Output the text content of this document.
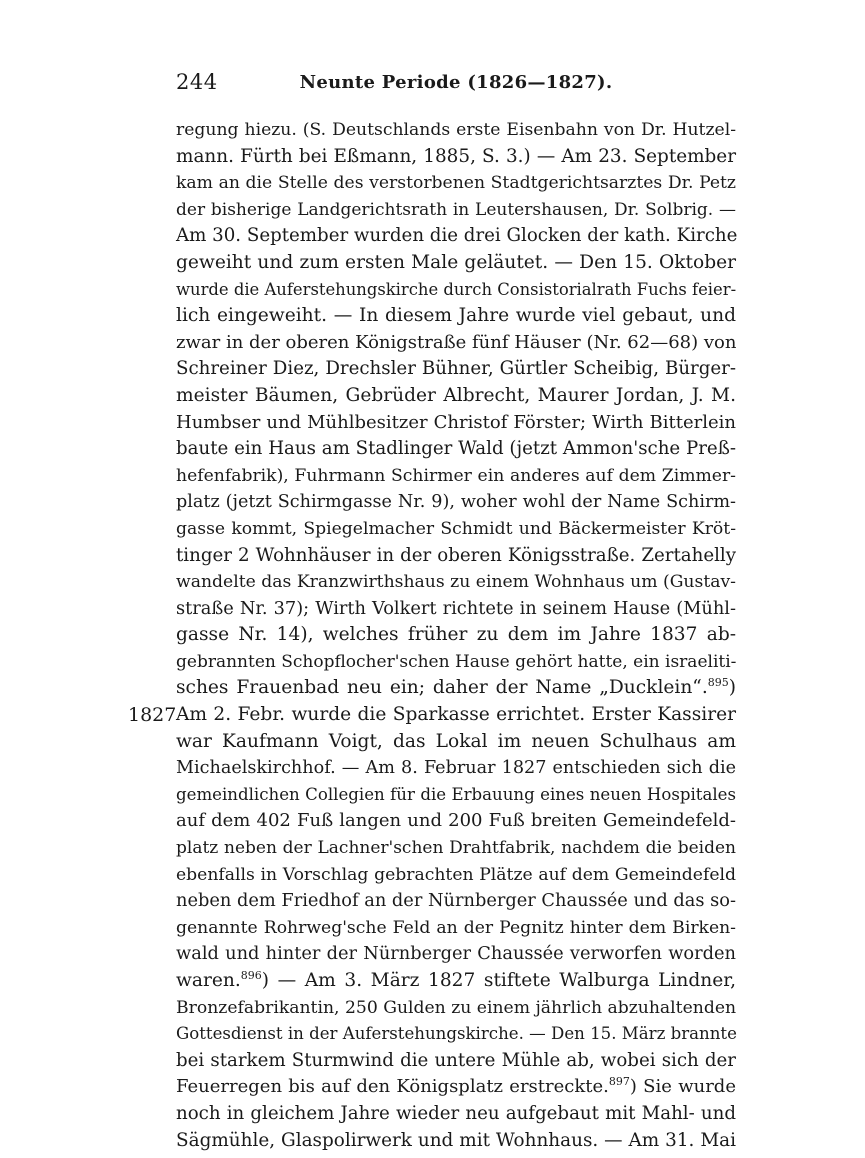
244	Neunte Periode (1826—1827).
regung hiezu. (S. Deutschlands erste Eisenbahn von Dr. Hutzel-
mann. Fürth bei Eßmann, 1885, S. 3.) — Am 23. September
kam an die Stelle des verstorbenen Stadtgerichtsarztes Dr. Petz
der bisherige Landgerichtsrath in Leutershausen, Dr. Solbrig. —
Am 30. September wurden die drei Glocken der kath. Kirche
geweiht und zum ersten Male geläutet. — Den 15. Oktober
wurde die Auferstehungskirche durch Consistorialrath Fuchs feier-
lich eingeweiht. — In diesem Jahre wurde viel gebaut, und
zwar in der oberen Königstraße fünf Häuser (Nr. 62—68) von
Schreiner Diez, Drechsler Bühner, Gürtler Scheibig, Bürger-
meister Bäumen, Gebrüder Albrecht, Maurer Jordan, J. M.
Humbser und Mühlbesitzer Christof Förster; Wirth Bitterlein
baute ein Haus am Stadlinger Wald (jetzt Ammon'sche Preß-
hefenfabrik), Fuhrmann Schirmer ein anderes auf dem Zimmer-
platz (jetzt Schirmgasse Nr. 9), woher wohl der Name Schirm-
gasse kommt, Spiegelmacher Schmidt und Bäckermeister Kröt-
tinger 2 Wohnhäuser in der oberen Königsstraße. Zertahelly
wandelte das Kranzwirthshaus zu einem Wohnhaus um (Gustav-
straße Nr. 37); Wirth Volkert richtete in seinem Hause (Mühl-
gasse Nr. 14), welches früher zu dem im Jahre 1837 ab-
gebrannten Schopflocher'schen Hause gehört hatte, ein israeliti-
sches Frauenbad neu ein; daher der Name „Ducklein“.$^{895}$)
1827 Am 2. Febr. wurde die Sparkasse errichtet. Erster Kassirer
war Kaufmann Voigt, das Lokal im neuen Schulhaus am
Michaelskirchhof. — Am 8. Februar 1827 entschieden sich die
gemeindlichen Collegien für die Erbauung eines neuen Hospitales
auf dem 402 Fuß langen und 200 Fuß breiten Gemeindefeld-
platz neben der Lachner'schen Drahtfabrik, nachdem die beiden
ebenfalls in Vorschlag gebrachten Plätze auf dem Gemeindefeld
neben dem Friedhof an der Nürnberger Chaussée und das so-
genannte Rohrweg'sche Feld an der Pegnitz hinter dem Birken-
wald und hinter der Nürnberger Chaussée verworfen worden
waren.$^{896}$) — Am 3. März 1827 stiftete Walburga Lindner,
Bronzefabrikantin, 250 Gulden zu einem jährlich abzuhaltenden
Gottesdienst in der Auferstehungskirche. — Den 15. März brannte
bei starkem Sturmwind die untere Mühle ab, wobei sich der
Feuerregen bis auf den Königsplatz erstreckte.$^{897}$) Sie wurde
noch in gleichem Jahre wieder neu aufgebaut mit Mahl- und
Sägmühle, Glaspolirwerk und mit Wohnhaus. — Am 31. Mai
